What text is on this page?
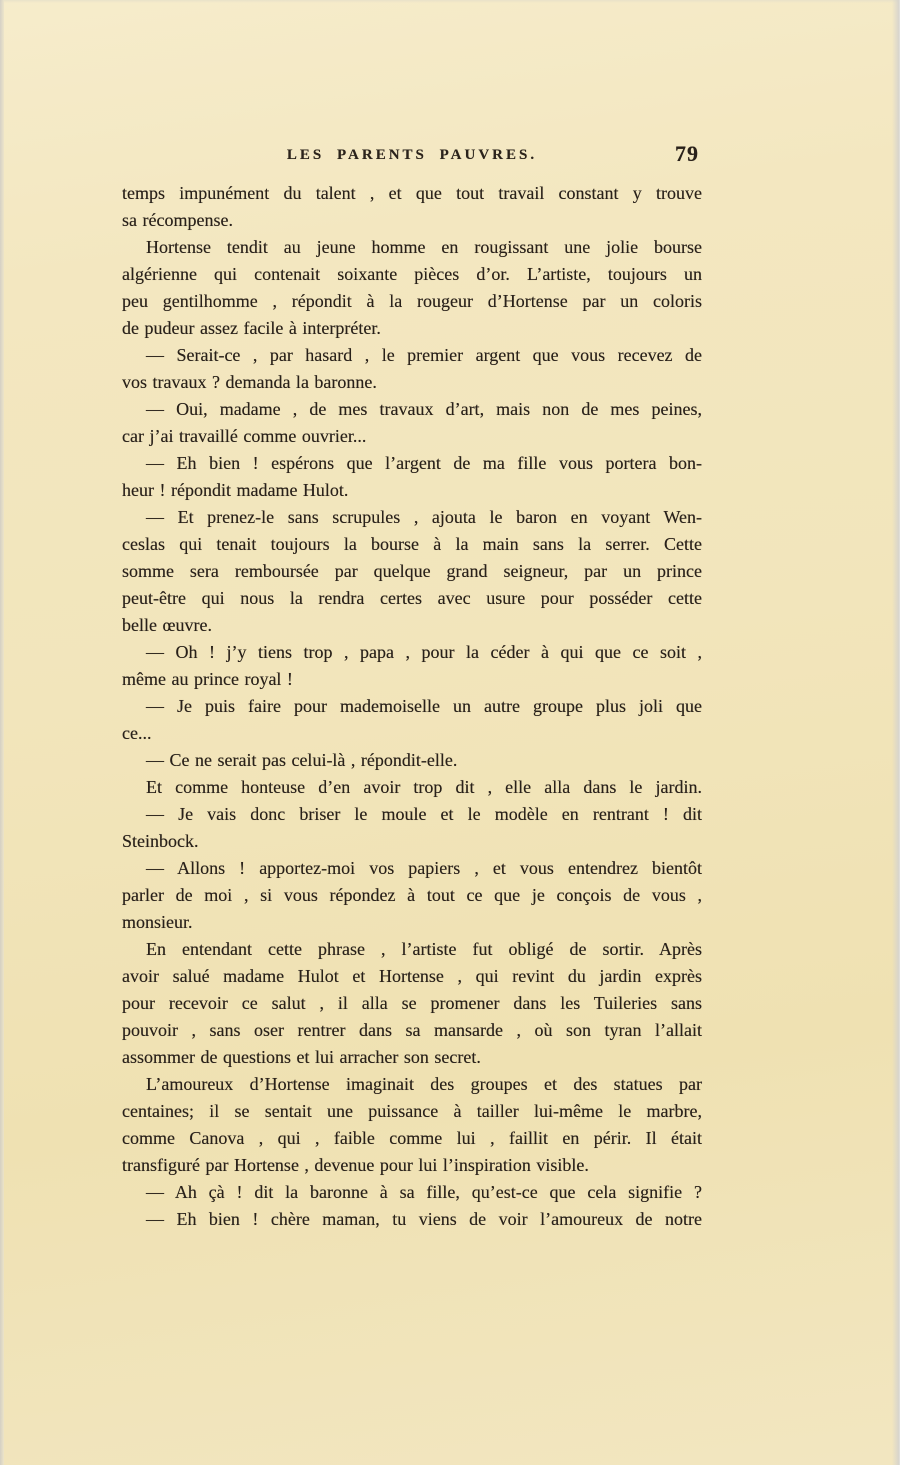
LES PARENTS PAUVRES.	79
temps impunément du talent , et que tout travail constant y trouve
sa récompense.
Hortense tendit au jeune homme en rougissant une jolie bourse
algérienne qui contenait soixante pièces d’or. L’artiste, toujours un
peu gentilhomme , répondit à la rougeur d’Hortense par un coloris
de pudeur assez facile à interpréter.
— Serait-ce , par hasard , le premier argent que vous recevez de
vos travaux ? demanda la baronne.
— Oui, madame , de mes travaux d’art, mais non de mes peines,
car j’ai travaillé comme ouvrier...
— Eh bien ! espérons que l’argent de ma fille vous portera bon-
heur ! répondit madame Hulot.
— Et prenez-le sans scrupules , ajouta le baron en voyant Wen-
ceslas qui tenait toujours la bourse à la main sans la serrer. Cette
somme sera remboursée par quelque grand seigneur, par un prince
peut-être qui nous la rendra certes avec usure pour posséder cette
belle œuvre.
— Oh ! j’y tiens trop , papa , pour la céder à qui que ce soit ,
même au prince royal !
— Je puis faire pour mademoiselle un autre groupe plus joli que
ce...
— Ce ne serait pas celui-là , répondit-elle.
Et comme honteuse d’en avoir trop dit , elle alla dans le jardin.
— Je vais donc briser le moule et le modèle en rentrant ! dit
Steinbock.
— Allons ! apportez-moi vos papiers , et vous entendrez bientôt
parler de moi , si vous répondez à tout ce que je conçois de vous ,
monsieur.
En entendant cette phrase , l’artiste fut obligé de sortir. Après
avoir salué madame Hulot et Hortense , qui revint du jardin exprès
pour recevoir ce salut , il alla se promener dans les Tuileries sans
pouvoir , sans oser rentrer dans sa mansarde , où son tyran l’allait
assommer de questions et lui arracher son secret.
L’amoureux d’Hortense imaginait des groupes et des statues par
centaines; il se sentait une puissance à tailler lui-même le marbre,
comme Canova , qui , faible comme lui , faillit en périr. Il était
transfiguré par Hortense , devenue pour lui l’inspiration visible.
— Ah çà ! dit la baronne à sa fille, qu’est-ce que cela signifie ?
— Eh bien ! chère maman, tu viens de voir l’amoureux de notre
